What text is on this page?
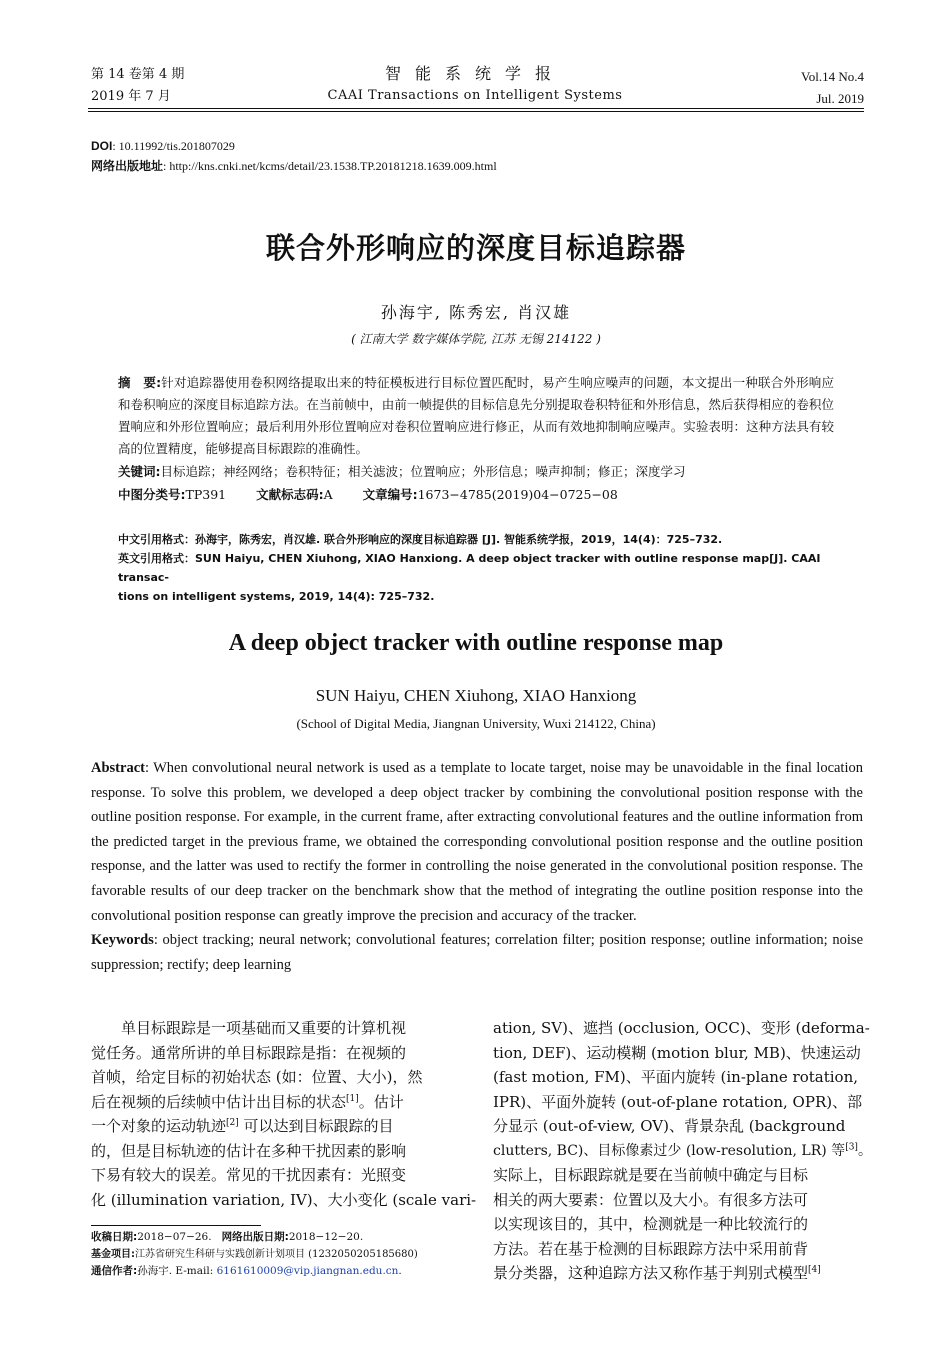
第 14 卷第 4 期
2019 年 7 月
智能系统学报
CAAI Transactions on Intelligent Systems
Vol.14 No.4
Jul. 2019
DOI: 10.11992/tis.201807029
网络出版地址: http://kns.cnki.net/kcms/detail/23.1538.TP.20181218.1639.009.html
联合外形响应的深度目标追踪器
孙海宇, 陈秀宏, 肖汉雄
( 江南大学 数字媒体学院, 江苏 无锡 214122 )
摘　要:针对追踪器使用卷积网络提取出来的特征模板进行目标位置匹配时，易产生响应噪声的问题，本文提出一种联合外形响应和卷积响应的深度目标追踪方法。在当前帧中，由前一帧提供的目标信息先分别提取卷积特征和外形信息，然后获得相应的卷积位置响应和外形位置响应；最后利用外形位置响应对卷积位置响应进行修正，从而有效地抑制响应噪声。实验表明：这种方法具有较高的位置精度，能够提高目标跟踪的准确性。
关键词:目标追踪；神经网络；卷积特征；相关滤波；位置响应；外形信息；噪声抑制；修正；深度学习
中图分类号:TP391 文献标志码:A 文章编号:1673−4785(2019)04−0725−08
中文引用格式：孙海宇，陈秀宏，肖汉雄. 联合外形响应的深度目标追踪器 [J]. 智能系统学报，2019，14(4)：725–732.
英文引用格式：SUN Haiyu, CHEN Xiuhong, XIAO Hanxiong. A deep object tracker with outline response map[J]. CAAI transac-
tions on intelligent systems, 2019, 14(4): 725–732.
A deep object tracker with outline response map
SUN Haiyu, CHEN Xiuhong, XIAO Hanxiong
(School of Digital Media, Jiangnan University, Wuxi 214122, China)
Abstract: When convolutional neural network is used as a template to locate target, noise may be unavoidable in the final location response. To solve this problem, we developed a deep object tracker by combining the convolutional position response with the outline position response. For example, in the current frame, after extracting convolutional features and the outline information from the predicted target in the previous frame, we obtained the corresponding convolutional position response and the outline position response, and the latter was used to rectify the former in controlling the noise generated in the convolutional position response. The favorable results of our deep tracker on the benchmark show that the method of integrating the outline position response into the convolutional position response can greatly improve the precision and accuracy of the tracker.
Keywords: object tracking; neural network; convolutional features; correlation filter; position response; outline information; noise suppression; rectify; deep learning
单目标跟踪是一项基础而又重要的计算机视
觉任务。通常所讲的单目标跟踪是指：在视频的
首帧，给定目标的初始状态 (如：位置、大小)，然
后在视频的后续帧中估计出目标的状态[1]。估计
一个对象的运动轨迹[2] 可以达到目标跟踪的目
的，但是目标轨迹的估计在多种干扰因素的影响
下易有较大的误差。常见的干扰因素有：光照变
化 (illumination variation, IV)、大小变化 (scale vari-
ation, SV)、遮挡 (occlusion, OCC)、变形 (deforma-
tion, DEF)、运动模糊 (motion blur, MB)、快速运动
(fast motion, FM)、平面内旋转 (in-plane rotation,
IPR)、平面外旋转 (out-of-plane rotation, OPR)、部
分显示 (out-of-view, OV)、背景杂乱 (background
clutters, BC)、目标像素过少 (low-resolution, LR) 等[3]。
实际上，目标跟踪就是要在当前帧中确定与目标
相关的两大要素：位置以及大小。有很多方法可
以实现该目的，其中，检测就是一种比较流行的
方法。若在基于检测的目标跟踪方法中采用前背
景分类器，这种追踪方法又称作基于判别式模型[4]
收稿日期:2018−07−26. 网络出版日期:2018−12−20.
基金项目:江苏省研究生科研与实践创新计划项目 (1232050205185680)
通信作者:孙海宇. E-mail: 6161610009@vip.jiangnan.edu.cn.
